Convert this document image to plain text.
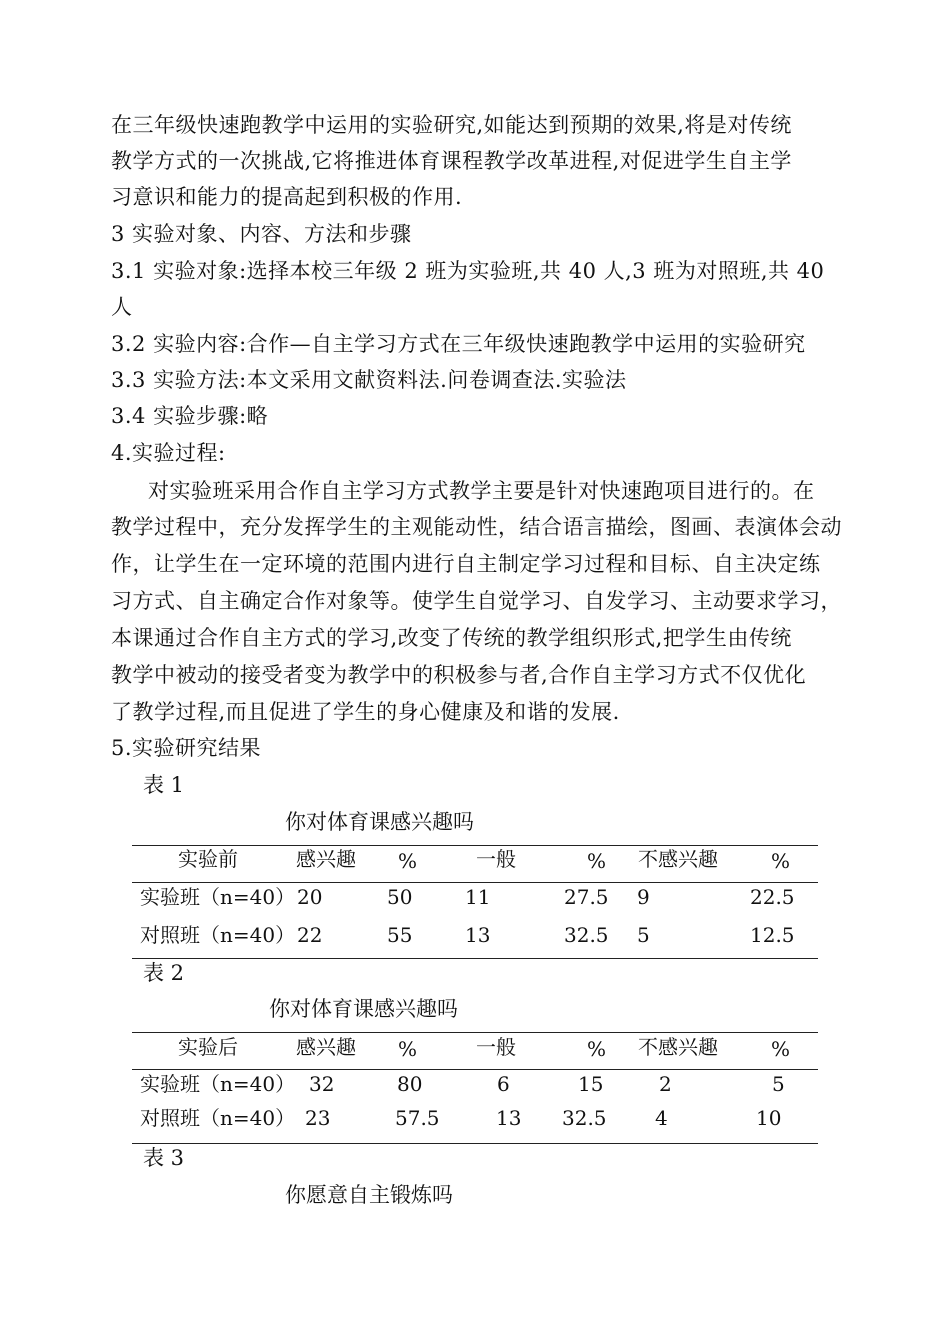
在三年级快速跑教学中运用的实验研究,如能达到预期的效果,将是对传统
教学方式的一次挑战,它将推进体育课程教学改革进程,对促进学生自主学
习意识和能力的提高起到积极的作用.
3 实验对象、内容、方法和步骤
3.1 实验对象:选择本校三年级 2 班为实验班,共 40 人,3 班为对照班,共 40
人
3.2 实验内容:合作—自主学习方式在三年级快速跑教学中运用的实验研究
3.3 实验方法:本文采用文献资料法.问卷调查法.实验法
3.4 实验步骤:略
4.实验过程:
对实验班采用合作自主学习方式教学主要是针对快速跑项目进行的。在
教学过程中，充分发挥学生的主观能动性，结合语言描绘，图画、表演体会动
作，让学生在一定环境的范围内进行自主制定学习过程和目标、自主决定练
习方式、自主确定合作对象等。使学生自觉学习、自发学习、主动要求学习，
本课通过合作自主方式的学习,改变了传统的教学组织形式,把学生由传统
教学中被动的接受者变为教学中的积极参与者,合作自主学习方式不仅优化
了教学过程,而且促进了学生的身心健康及和谐的发展.
5.实验研究结果
表 1
你对体育课感兴趣吗
实验前	感兴趣 %	一般	% 不感兴趣	%
实验班（n=40） 20	50	11	27.5 9	22.5
对照班（n=40） 22	55	13	32.5 5	12.5
表 2
你对体育课感兴趣吗
实验后	感兴趣 %	一般	% 不感兴趣	%
实验班（n=40） 32	80	6	15	2	5
对照班（n=40） 23	57.5	13 32.5 4	10
表 3
你愿意自主锻炼吗
